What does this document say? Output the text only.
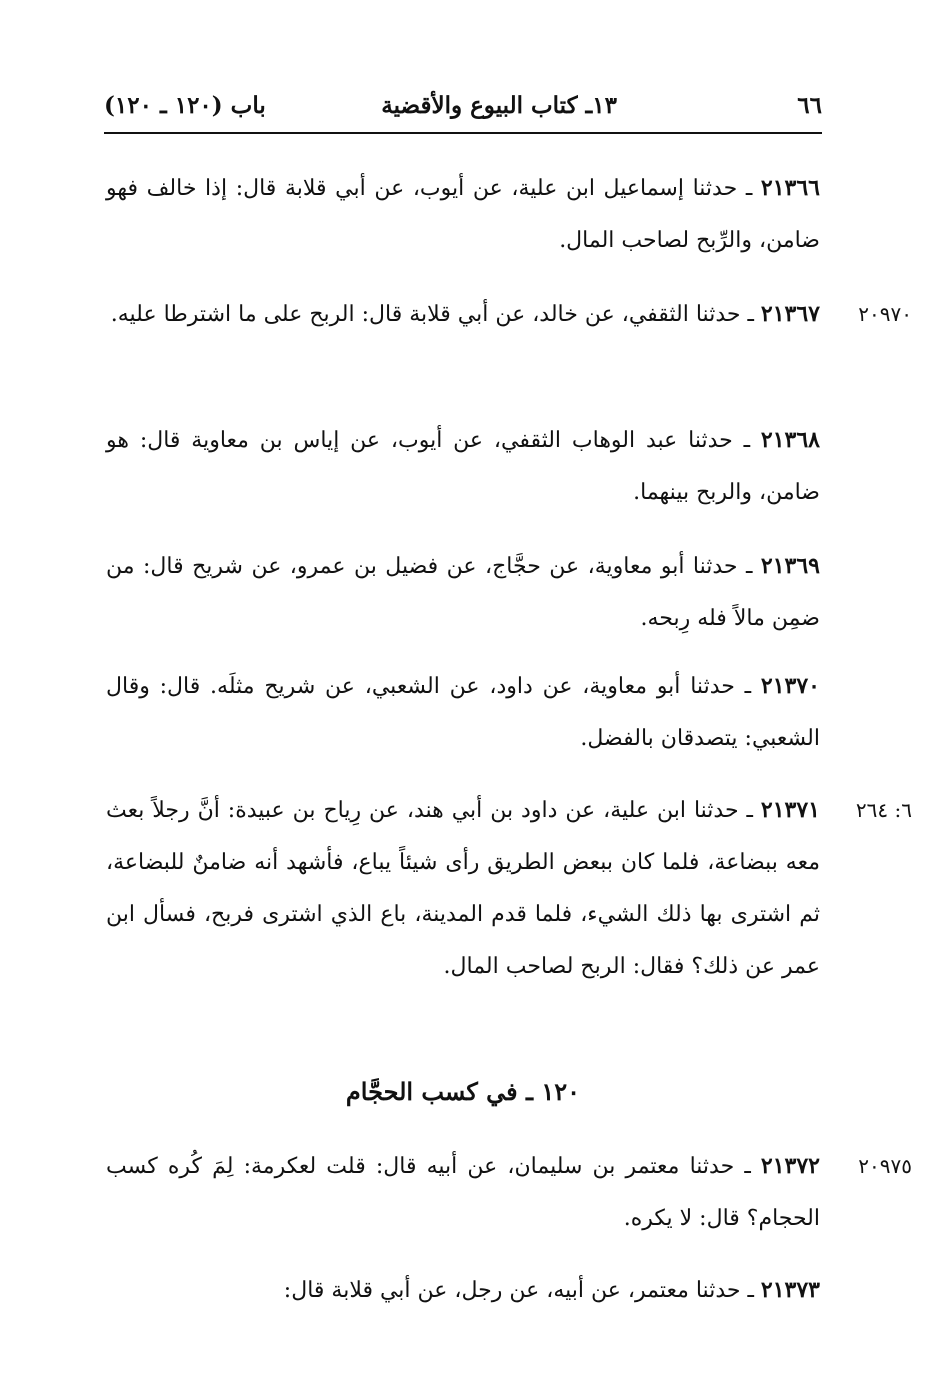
٦٦
١٣ـ كتاب البيوع والأقضية
باب (١٢٠ ـ ١٢٠)
٢١٣٦٦ ـ حدثنا إسماعيل ابن علية، عن أيوب، عن أبي قلابة قال: إذا خالف فهو ضامن، والرِّبح لصاحب المال.
٢٠٩٧٠
٢١٣٦٧ ـ حدثنا الثقفي، عن خالد، عن أبي قلابة قال: الربح على ما اشترطا عليه.
٢١٣٦٨ ـ حدثنا عبد الوهاب الثقفي، عن أيوب، عن إياس بن معاوية قال: هو ضامن، والربح بينهما.
٢١٣٦٩ ـ حدثنا أبو معاوية، عن حجَّاج، عن فضيل بن عمرو، عن شريح قال: من ضمِن مالاً فله رِبحه.
٢١٣٧٠ ـ حدثنا أبو معاوية، عن داود، عن الشعبي، عن شريح مثلَه. قال: وقال الشعبي: يتصدقان بالفضل.
٦: ٢٦٤
٢١٣٧١ ـ حدثنا ابن علية، عن داود بن أبي هند، عن رِياح بن عبيدة: أنَّ رجلاً بعث معه ببضاعة، فلما كان ببعض الطريق رأى شيئاً يباع، فأشهد أنه ضامنٌ للبضاعة، ثم اشترى بها ذلك الشيء، فلما قدم المدينة، باع الذي اشترى فربح، فسأل ابن عمر عن ذلك؟ فقال: الربح لصاحب المال.
١٢٠ ـ في كسب الحجَّام
٢٠٩٧٥
٢١٣٧٢ ـ حدثنا معتمر بن سليمان، عن أبيه قال: قلت لعكرمة: لِمَ كُره كسب الحجام؟ قال: لا يكره.
٢١٣٧٣ ـ حدثنا معتمر، عن أبيه، عن رجل، عن أبي قلابة قال:
